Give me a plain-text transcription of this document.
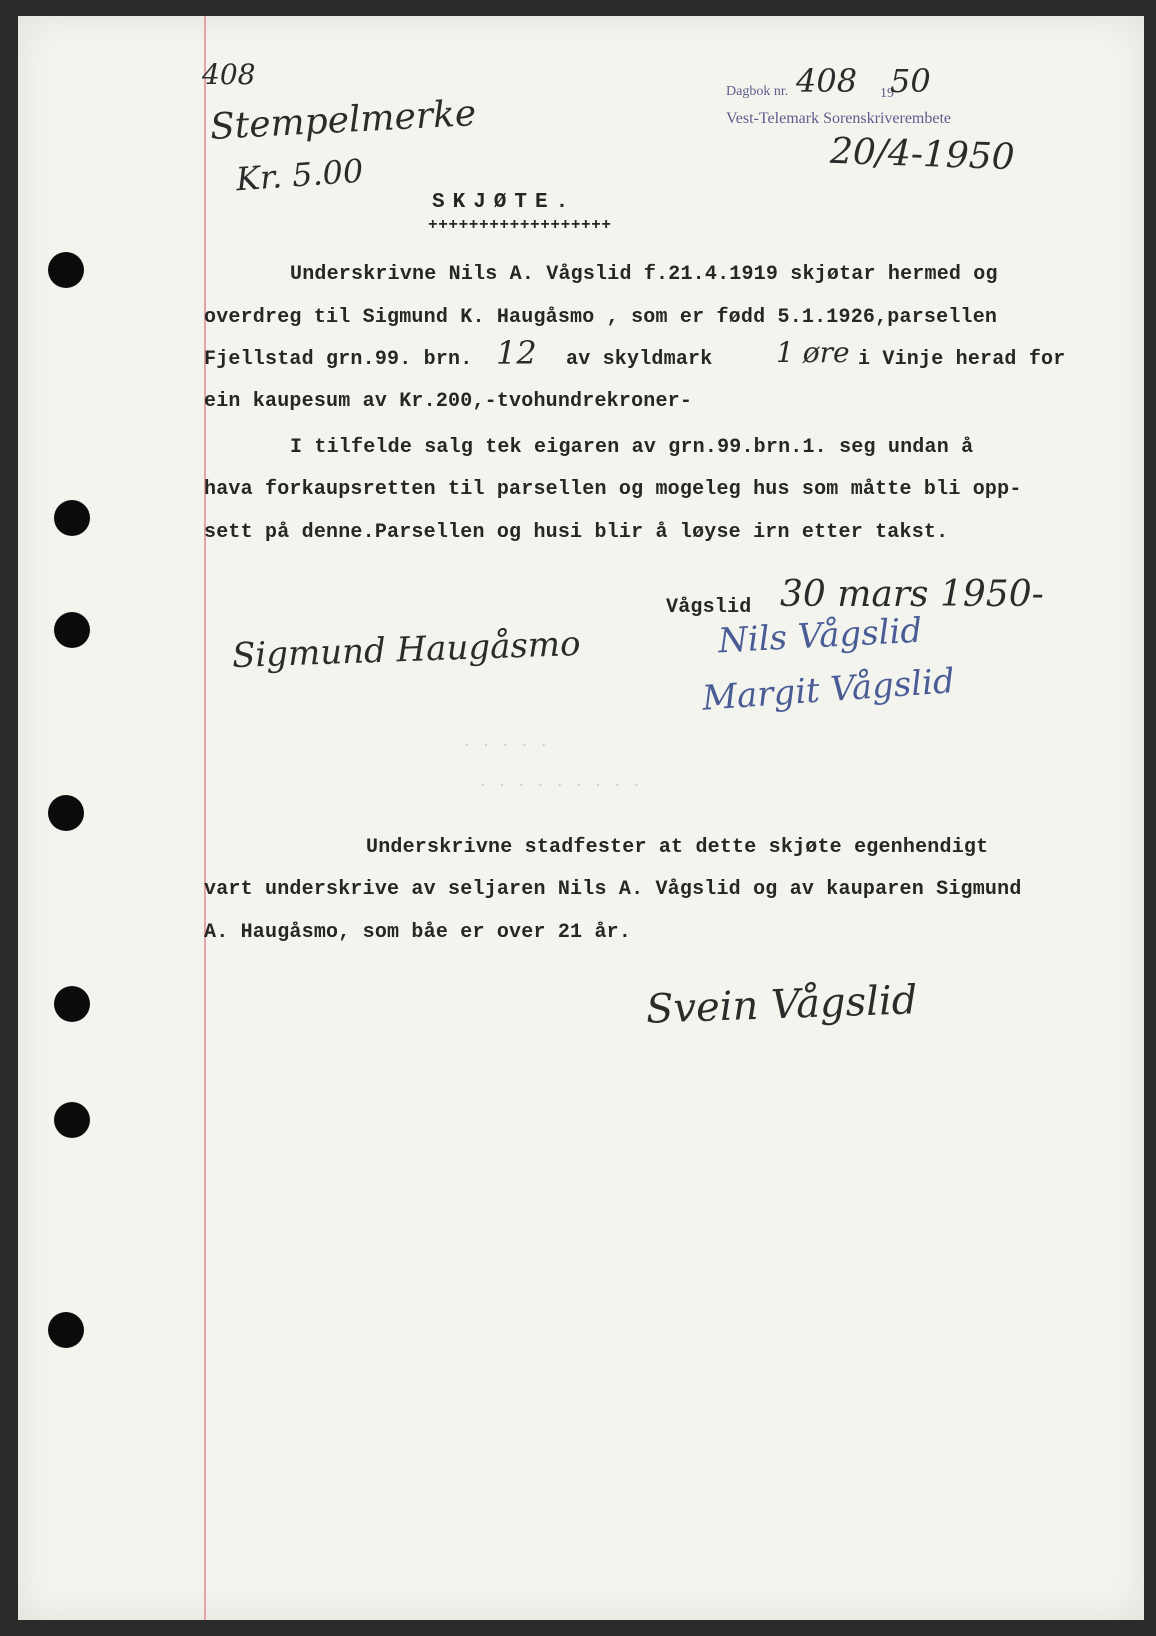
408
Stempelmerke
Kr. 5.00
Dagbok nr. 408 19
50
Vest-Telemark Sorenskriverembete
20/4-1950
SKJØTE.
++++++++++++++++++
Underskrivne Nils A. Vågslid f.21.4.1919 skjøtar hermed og
overdreg til Sigmund K. Haugåsmo , som er fødd 5.1.1926,parsellen
Fjellstad grn.99. brn. 12 av skyldmark 1 øre i Vinje herad for
ein kaupesum av Kr.200,-tvohundrekroner-
I tilfelde salg tek eigaren av grn.99.brn.1. seg undan å
hava forkaupsretten til parsellen og mogeleg hus som måtte bli opp-
sett på denne.Parsellen og husi blir å løyse irn etter takst.
Vågslid 30 mars 1950-
Sigmund Haugåsmo	Nils Vågslid
Margit Vågslid
· · · · ·
· · · · · · · · ·
Underskrivne stadfester at dette skjøte egenhendigt
vart underskrive av seljaren Nils A. Vågslid og av kauparen Sigmund
A. Haugåsmo, som båe er over 21 år.
Svein Vågslid
